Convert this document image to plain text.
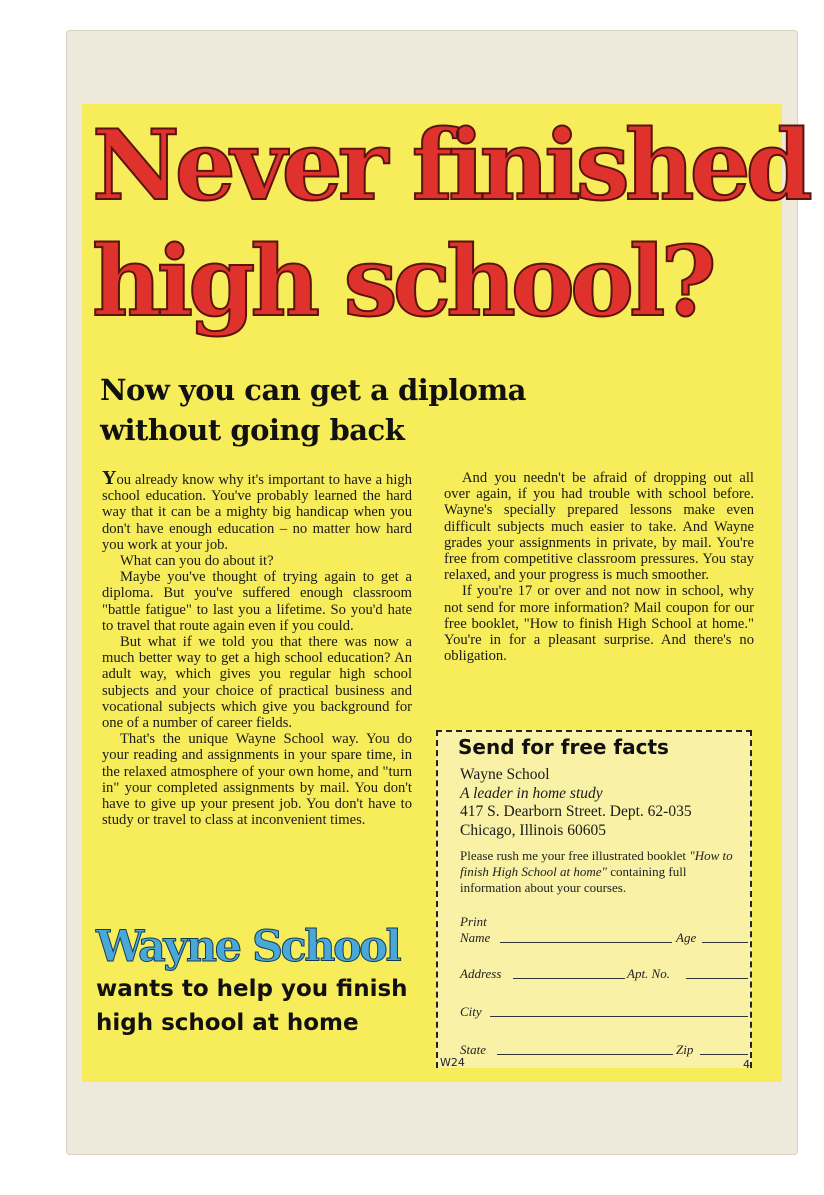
Never finished
high school?
Now you can get a diploma
without going back

You already know why it's important to have a high school education. You've probably learned the hard way that it can be a mighty big handicap when you don't have enough education – no matter how hard you work at your job.

What can you do about it?

Maybe you've thought of trying again to get a diploma. But you've suffered enough classroom "battle fatigue" to last you a lifetime. So you'd hate to travel that route again even if you could.

But what if we told you that there was now a much better way to get a high school education? An adult way, which gives you regular high school subjects and your choice of practical business and vocational subjects which give you background for one of a number of career fields.

That's the unique Wayne School way. You do your reading and assignments in your spare time, in the relaxed atmosphere of your own home, and "turn in" your completed assignments by mail. You don't have to give up your present job. You don't have to study or travel to class at inconvenient times.

And you needn't be afraid of dropping out all over again, if you had trouble with school before. Wayne's specially prepared lessons make even difficult subjects much easier to take. And Wayne grades your assignments in private, by mail. You're free from competitive classroom pressures. You stay relaxed, and your progress is much smoother.

If you're 17 or over and not now in school, why not send for more information? Mail coupon for our free booklet, "How to finish High School at home." You're in for a pleasant surprise. And there's no obligation.

Wayne School
wants to help you finish
high school at home
Send for free facts
Wayne School
A leader in home study
417 S. Dearborn Street. Dept. 62-035
Chicago, Illinois 60605
Please rush me your free illustrated booklet "How to finish High School at home" containing full information about your courses.
Print
Name	Age
Address	Apt. No.
City
State	Zip
W24	4
